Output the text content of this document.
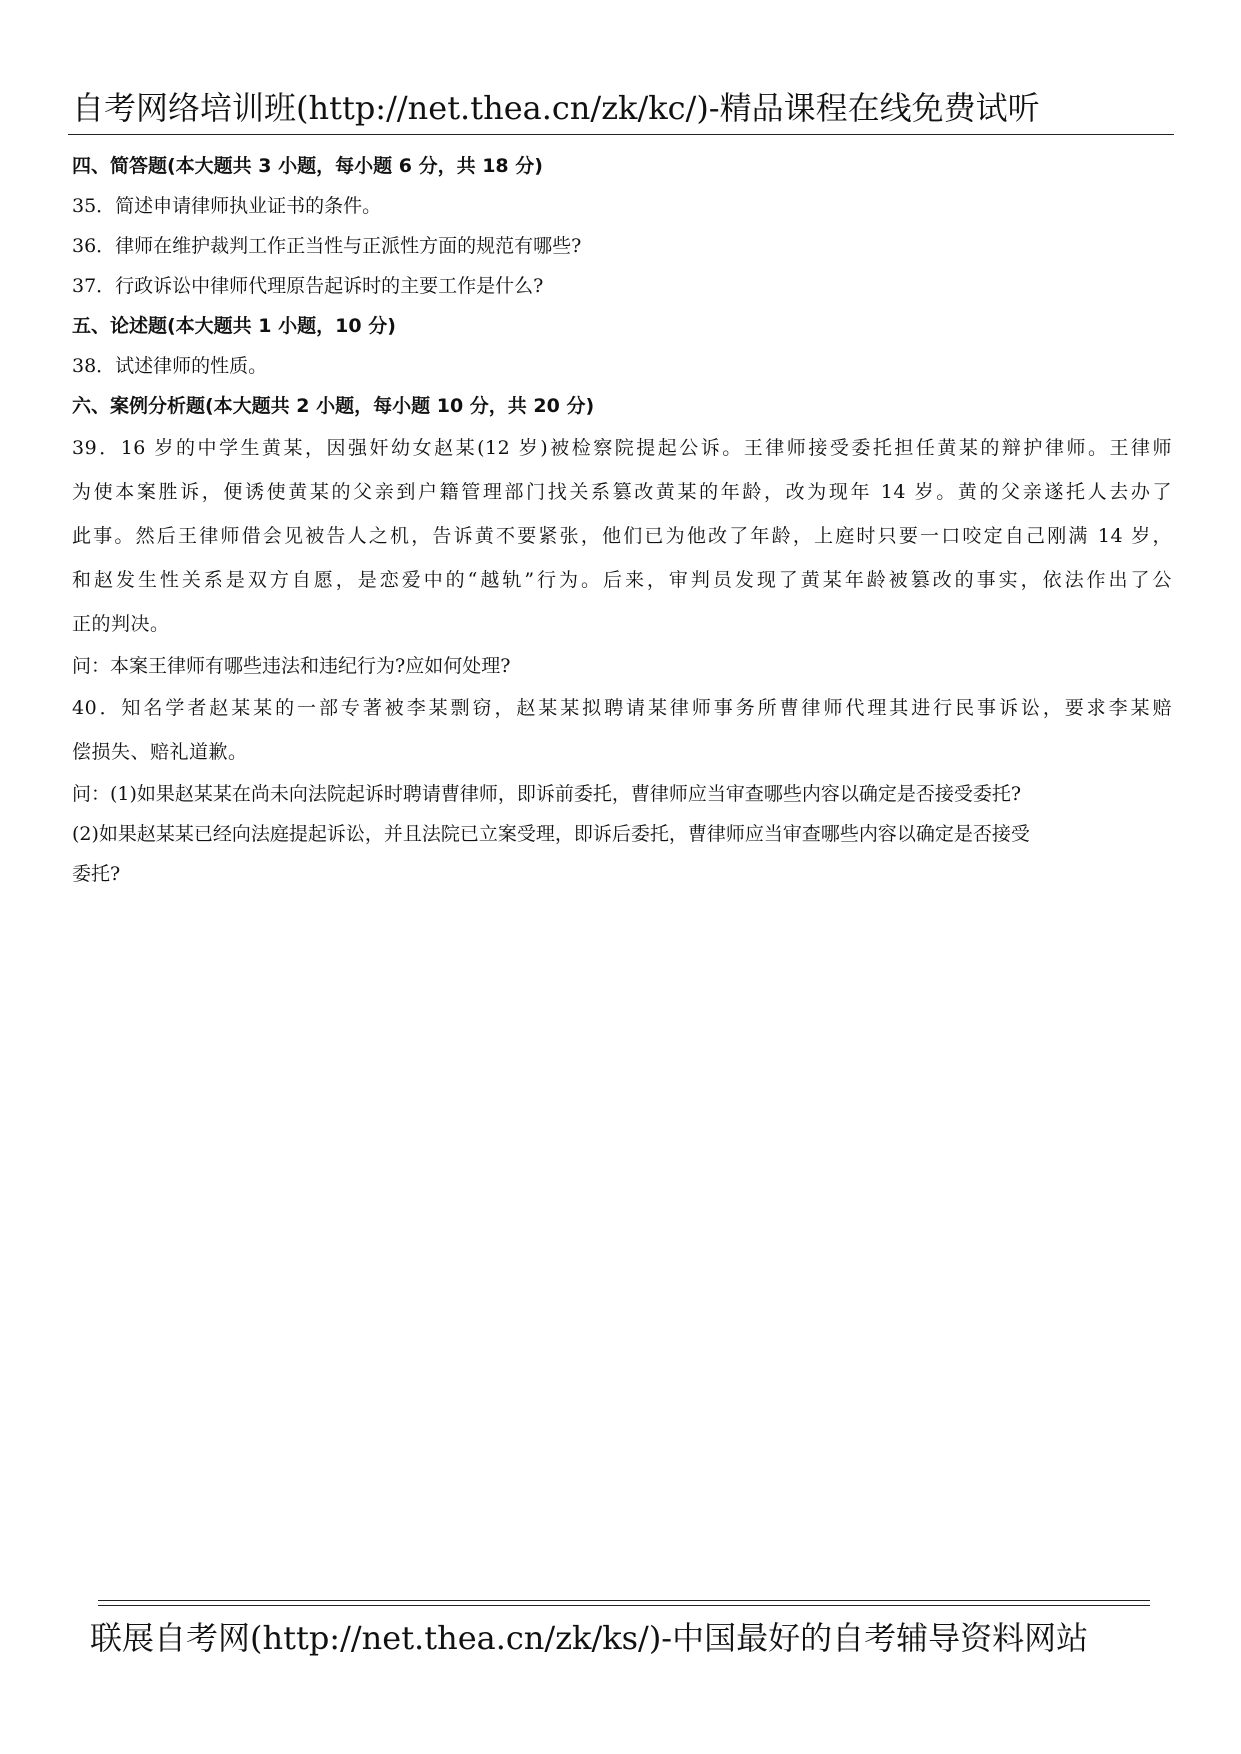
自考网络培训班(http://net.thea.cn/zk/kc/)-精品课程在线免费试听
四、简答题(本大题共 3 小题，每小题 6 分，共 18 分)
35．简述申请律师执业证书的条件。
36．律师在维护裁判工作正当性与正派性方面的规范有哪些?
37．行政诉讼中律师代理原告起诉时的主要工作是什么?
五、论述题(本大题共 1 小题，10 分)
38．试述律师的性质。
六、案例分析题(本大题共 2 小题，每小题 10 分，共 20 分)
39．16 岁的中学生黄某，因强奸幼女赵某(12 岁)被检察院提起公诉。王律师接受委托担任黄某的辩护律师。王律师
为使本案胜诉，便诱使黄某的父亲到户籍管理部门找关系篡改黄某的年龄，改为现年 14 岁。黄的父亲遂托人去办了
此事。然后王律师借会见被告人之机，告诉黄不要紧张，他们已为他改了年龄，上庭时只要一口咬定自己刚满 14 岁，
和赵发生性关系是双方自愿，是恋爱中的“越轨”行为。后来，审判员发现了黄某年龄被篡改的事实，依法作出了公
正的判决。
问：本案王律师有哪些违法和违纪行为?应如何处理?
40．知名学者赵某某的一部专著被李某剽窃，赵某某拟聘请某律师事务所曹律师代理其进行民事诉讼，要求李某赔
偿损失、赔礼道歉。
问：(1)如果赵某某在尚未向法院起诉时聘请曹律师，即诉前委托，曹律师应当审查哪些内容以确定是否接受委托?
(2)如果赵某某已经向法庭提起诉讼，并且法院已立案受理，即诉后委托，曹律师应当审查哪些内容以确定是否接受
委托?
联展自考网(http://net.thea.cn/zk/ks/)-中国最好的自考辅导资料网站
